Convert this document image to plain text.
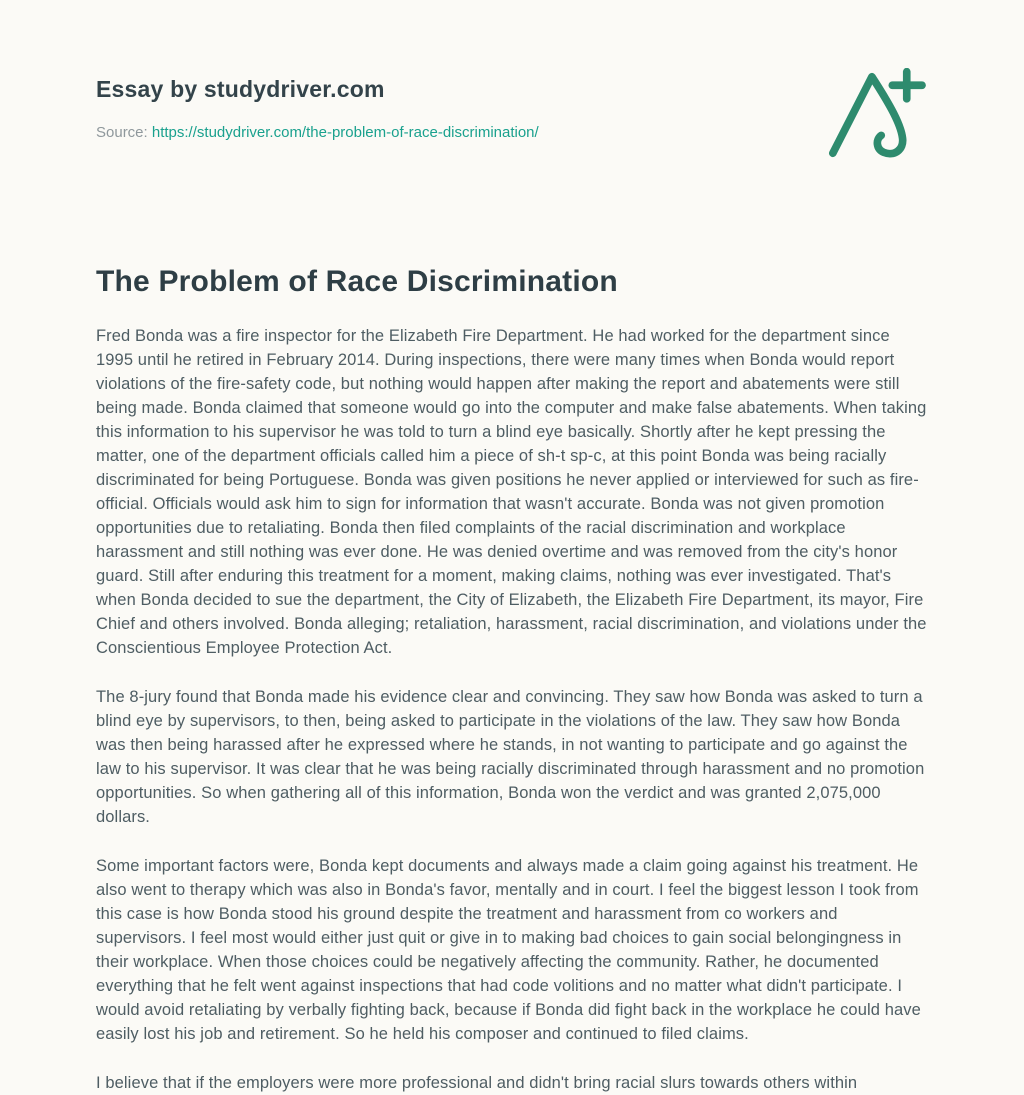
Essay by studydriver.com

Source: https://studydriver.com/the-problem-of-race-discrimination/

The Problem of Race Discrimination

Fred Bonda was a fire inspector for the Elizabeth Fire Department. He had worked for the department since 1995 until he retired in February 2014. During inspections, there were many times when Bonda would report violations of the fire-safety code, but nothing would happen after making the report and abatements were still being made. Bonda claimed that someone would go into the computer and make false abatements. When taking this information to his supervisor he was told to turn a blind eye basically. Shortly after he kept pressing the matter, one of the department officials called him a piece of sh-t sp-c, at this point Bonda was being racially discriminated for being Portuguese. Bonda was given positions he never applied or interviewed for such as fire-official. Officials would ask him to sign for information that wasn't accurate. Bonda was not given promotion opportunities due to retaliating. Bonda then filed complaints of the racial discrimination and workplace harassment and still nothing was ever done. He was denied overtime and was removed from the city's honor guard. Still after enduring this treatment for a moment, making claims, nothing was ever investigated. That's when Bonda decided to sue the department, the City of Elizabeth, the Elizabeth Fire Department, its mayor, Fire Chief and others involved. Bonda alleging; retaliation, harassment, racial discrimination, and violations under the Conscientious Employee Protection Act.

The 8-jury found that Bonda made his evidence clear and convincing. They saw how Bonda was asked to turn a blind eye by supervisors, to then, being asked to participate in the violations of the law. They saw how Bonda was then being harassed after he expressed where he stands, in not wanting to participate and go against the law to his supervisor. It was clear that he was being racially discriminated through harassment and no promotion opportunities. So when gathering all of this information, Bonda won the verdict and was granted 2,075,000 dollars.

Some important factors were, Bonda kept documents and always made a claim going against his treatment. He also went to therapy which was also in Bonda's favor, mentally and in court. I feel the biggest lesson I took from this case is how Bonda stood his ground despite the treatment and harassment from co workers and supervisors. I feel most would either just quit or give in to making bad choices to gain social belongingness in their workplace. When those choices could be negatively affecting the community. Rather, he documented everything that he felt went against inspections that had code volitions and no matter what didn't participate. I would avoid retaliating by verbally fighting back, because if Bonda did fight back in the workplace he could have easily lost his job and retirement. So he held his composer and continued to filed claims.

I believe that if the employers were more professional and didn't bring racial slurs towards others within
